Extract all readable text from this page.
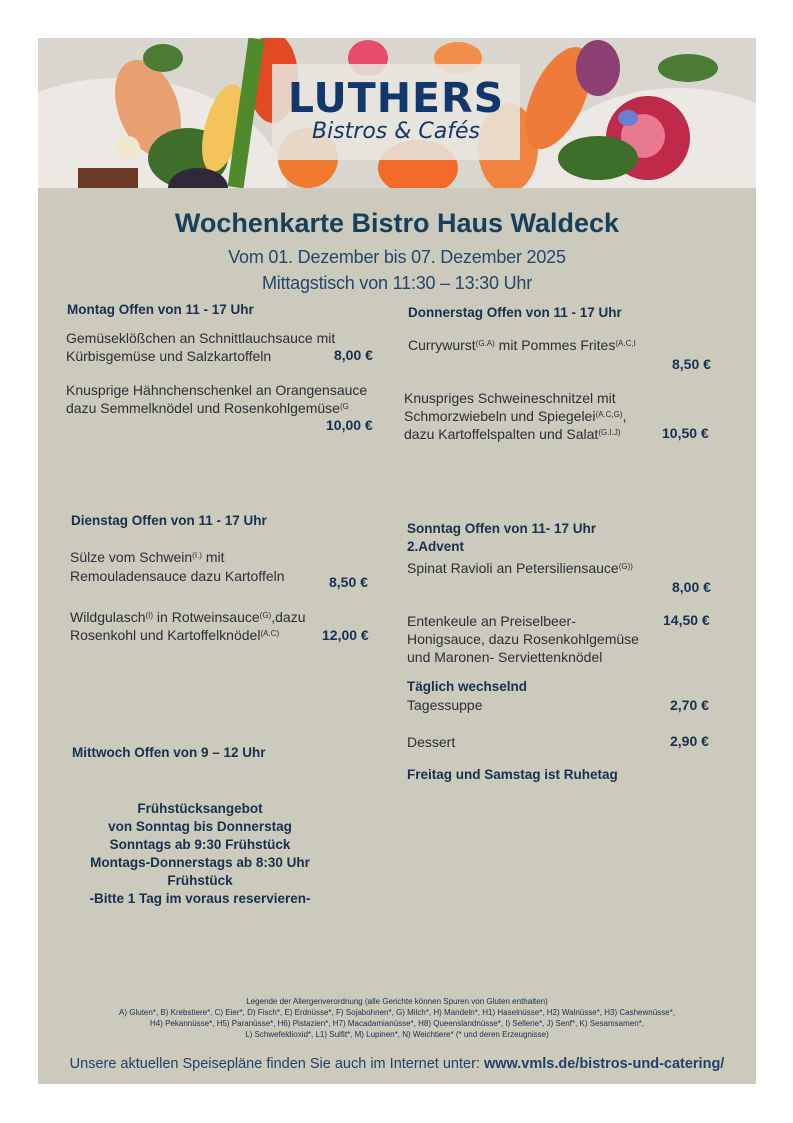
LUTHERS
Bistros & Cafés
Wochenkarte Bistro Haus Waldeck
Vom 01. Dezember bis 07. Dezember 2025
Mittagstisch von 11:30 – 13:30 Uhr
Montag Offen von 11 - 17 Uhr
Gemüseklößchen an Schnittlauchsauce mit
Kürbisgemüse und Salzkartoffeln	8,00 €
Knusprige Hähnchenschenkel an Orangensauce
dazu Semmelknödel und Rosenkohlgemüse$^{(G}$
10,00 €
Dienstag Offen von 11 - 17 Uhr
Sülze vom Schwein$^{(I.)}$ mit
Remouladensauce dazu Kartoffeln	8,50 €
Wildgulasch$^{(I)}$ in Rotweinsauce$^{(G)}$,dazu
Rosenkohl und Kartoffelknödel$^{(A.C)}$	12,00 €
Mittwoch Offen von 9 – 12 Uhr
Frühstücksangebot
von Sonntag bis Donnerstag
Sonntags ab 9:30 Frühstück
Montags-Donnerstags ab 8:30 Uhr
Frühstück
-Bitte 1 Tag im voraus reservieren-
Donnerstag Offen von 11 - 17 Uhr
Currywurst$^{(G.A)}$ mit Pommes Frites$^{(A.C,I}$
8,50 €
Knuspriges Schweineschnitzel mit
Schmorzwiebeln und Spiegelei$^{(A.C,G)}$,
dazu Kartoffelspalten und Salat$^{(G.I.J)}$	10,50 €
Sonntag Offen von 11- 17 Uhr
2.Advent
Spinat Ravioli an Petersiliensauce$^{(G))}$
8,00 €
Entenkeule an Preiselbeer-
Honigsauce, dazu Rosenkohlgemüse
und Maronen- Serviettenknödel
14,50 €
Täglich wechselnd
Tagessuppe	2,70 €
Dessert	2,90 €
Freitag und Samstag ist Ruhetag
Legende der Allergenverordnung (alle Gerichte können Spuren von Gluten enthalten)
A) Gluten*, B) Krebstiere*, C) Eier*, D) Fisch*, E) Erdnüsse*, F) Sojabohnen*, G) Milch*, H) Mandeln*, H1) Haselnüsse*, H2) Walnüsse*, H3) Cashewnüsse*,
H4) Pekannüsse*, H5) Paranüsse*, H6) Pistazien*, H7) Macadamianüsse*, H8) Queenslandnüsse*, I) Sellerie*, J) Senf*, K) Sesamsamen*,
L) Schwefeldioxid*, L1) Sulfit*, M) Lupinen*, N) Weichtiere* (* und deren Erzeugnisse)
Unsere aktuellen Speisepläne finden Sie auch im Internet unter: www.vmls.de/bistros-und-catering/
